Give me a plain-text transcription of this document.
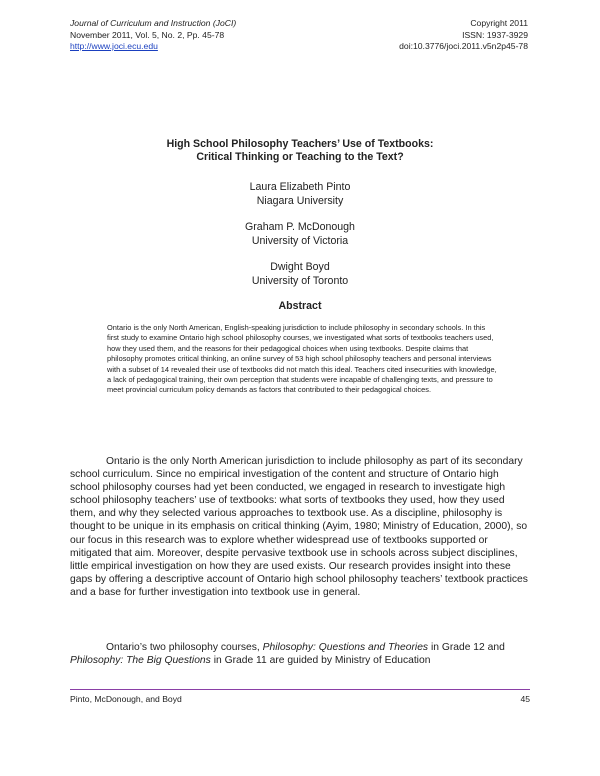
Journal of Curriculum and Instruction (JoCI)
November 2011, Vol. 5, No. 2, Pp. 45-78
http://www.joci.ecu.edu
Copyright 2011
ISSN: 1937-3929
doi:10.3776/joci.2011.v5n2p45-78
High School Philosophy Teachers’ Use of Textbooks:
Critical Thinking or Teaching to the Text?
Laura Elizabeth Pinto
Niagara University
Graham P. McDonough
University of Victoria
Dwight Boyd
University of Toronto
Abstract
Ontario is the only North American, English-speaking jurisdiction to include philosophy in secondary schools. In this first study to examine Ontario high school philosophy courses, we investigated what sorts of textbooks teachers used, how they used them, and the reasons for their pedagogical choices when using textbooks. Despite claims that philosophy promotes critical thinking, an online survey of 53 high school philosophy teachers and personal interviews with a subset of 14 revealed their use of textbooks did not match this ideal. Teachers cited insecurities with knowledge, a lack of pedagogical training, their own perception that students were incapable of challenging texts, and pressure to meet provincial curriculum policy demands as factors that contributed to their pedagogical choices.
Ontario is the only North American jurisdiction to include philosophy as part of its secondary school curriculum. Since no empirical investigation of the content and structure of Ontario high school philosophy courses had yet been conducted, we engaged in research to investigate high school philosophy teachers’ use of textbooks: what sorts of textbooks they used, how they used them, and why they selected various approaches to textbook use. As a discipline, philosophy is thought to be unique in its emphasis on critical thinking (Ayim, 1980; Ministry of Education, 2000), so our focus in this research was to explore whether widespread use of textbooks supported or mitigated that aim. Moreover, despite pervasive textbook use in schools across subject disciplines, little empirical investigation on how they are used exists. Our research provides insight into these gaps by offering a descriptive account of Ontario high school philosophy teachers’ textbook practices and a base for further investigation into textbook use in general.
Ontario’s two philosophy courses, Philosophy: Questions and Theories in Grade 12 and Philosophy: The Big Questions in Grade 11 are guided by Ministry of Education
Pinto, McDonough, and Boyd	45
